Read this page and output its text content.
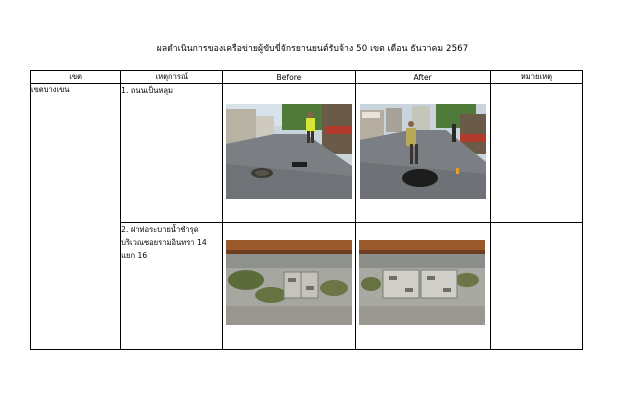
ผลดำเนินการของเครือข่ายผู้ขับขี่จักรยานยนต์รับจ้าง 50 เขต เดือน ธันวาคม 2567
เขต	เหตุการณ์	Before	After	หมายเหตุ
เขตบางเขน	1. ถนนเป็นหลุม	

	2. ฝาท่อระบายน้ำชำรุด บริเวณซอยรามอินทรา 14 แยก 16	
